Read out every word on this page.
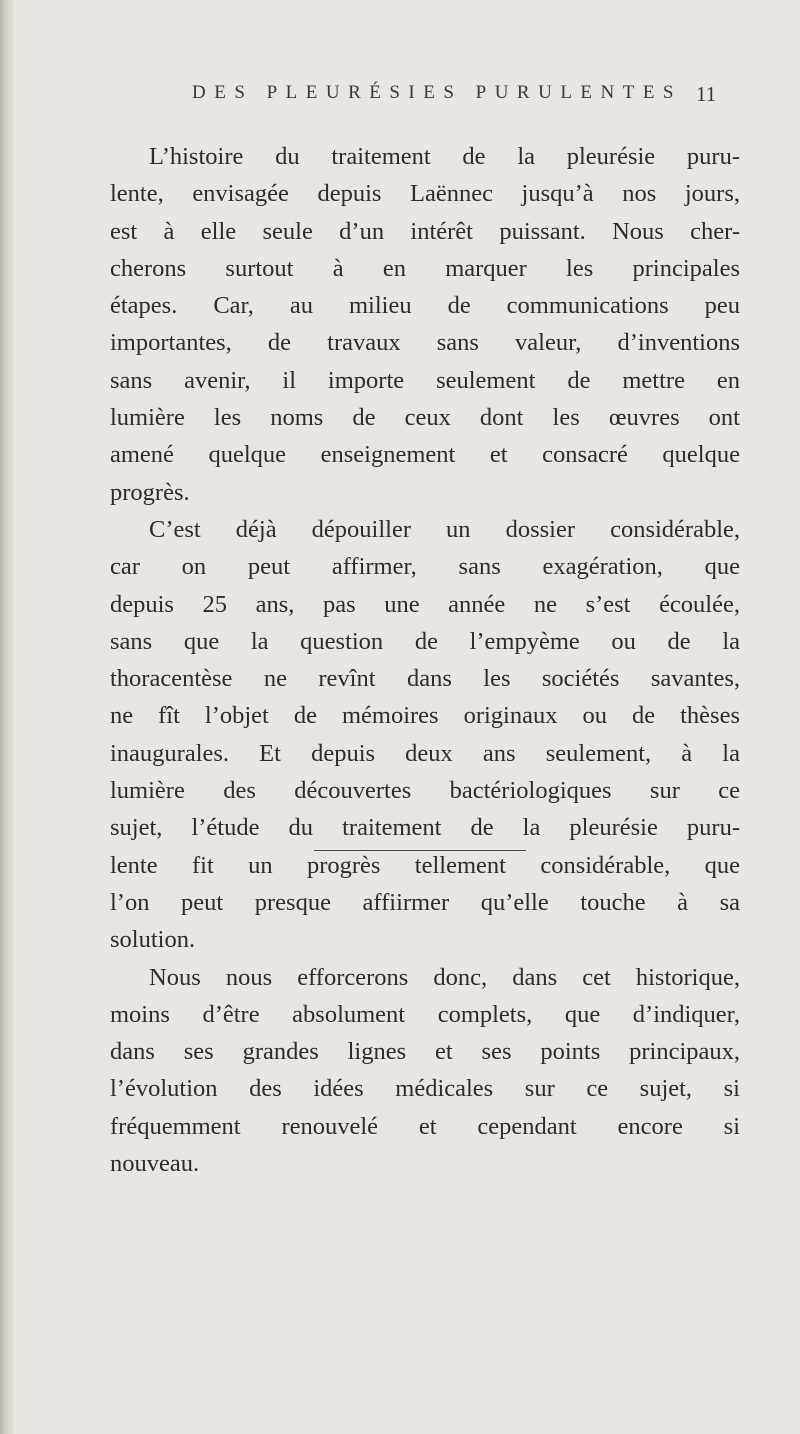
DES PLEURÉSIES PURULENTES 11
L’histoire du traitement de la pleurésie puru-
lente, envisagée depuis Laënnec jusqu’à nos jours,
est à elle seule d’un intérêt puissant. Nous cher-
cherons surtout à en marquer les principales
étapes. Car, au milieu de communications peu
importantes, de travaux sans valeur, d’inventions
sans avenir, il importe seulement de mettre en
lumière les noms de ceux dont les œuvres ont
amené quelque enseignement et consacré quelque
progrès.
C’est déjà dépouiller un dossier considérable,
car on peut affirmer, sans exagération, que
depuis 25 ans, pas une année ne s’est écoulée,
sans que la question de l’empyème ou de la
thoracentèse ne revînt dans les sociétés savantes,
ne fît l’objet de mémoires originaux ou de thèses
inaugurales. Et depuis deux ans seulement, à la
lumière des découvertes bactériologiques sur ce
sujet, l’étude du traitement de la pleurésie puru-
lente fit un progrès tellement considérable, que
l’on peut presque affiirmer qu’elle touche à sa
solution.
Nous nous efforcerons donc, dans cet historique,
moins d’être absolument complets, que d’indiquer,
dans ses grandes lignes et ses points principaux,
l’évolution des idées médicales sur ce sujet, si
fréquemment renouvelé et cependant encore si
nouveau.
